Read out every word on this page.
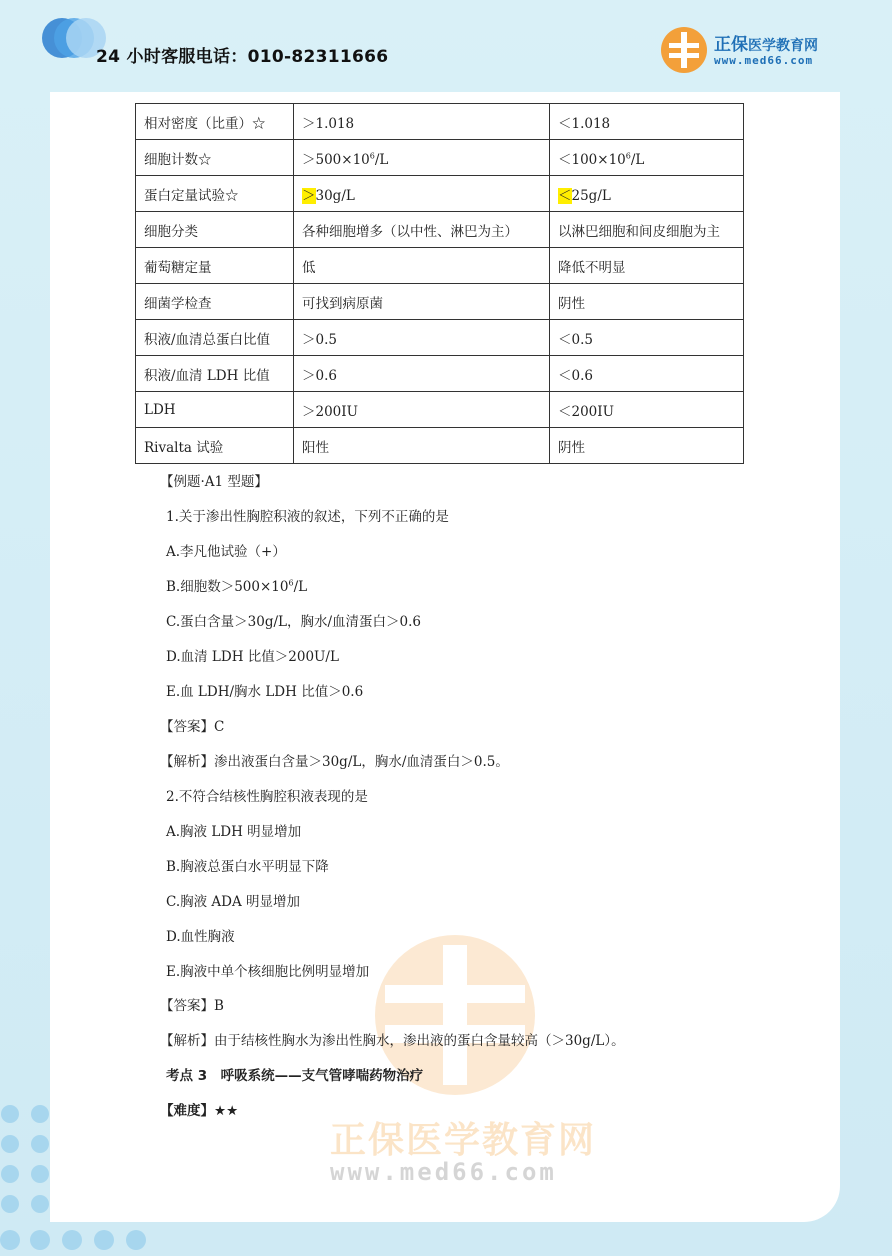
24 小时客服电话：010-82311666
正保医学教育网
www.med66.com
正保医学教育网
www.med66.com
相对密度（比重）☆	＞1.018	＜1.018
细胞计数☆	$>500\times 10^6/L$	$<100\times 10^6/L$
蛋白定量试验☆	＞30g/L	＜25g/L
细胞分类	各种细胞增多（以中性、淋巴为主）	以淋巴细胞和间皮细胞为主
葡萄糖定量	低	降低不明显
细菌学检查	可找到病原菌	阴性
积液/血清总蛋白比值	＞0.5	＜0.5
积液/血清 LDH 比值	＞0.6	＜0.6
LDH	＞200IU	＜200IU
Rivalta 试验	阳性	阴性
【例题·A1 型题】
1.关于渗出性胸腔积液的叙述，下列不正确的是
A.李凡他试验（+）
B.细胞数$>500\times 10^6/L$
C.蛋白含量＞30g/L，胸水/血清蛋白＞0.6
D.血清 LDH 比值＞200U/L
E.血 LDH/胸水 LDH 比值＞0.6
【答案】C
【解析】渗出液蛋白含量＞30g/L，胸水/血清蛋白＞0.5。
2.不符合结核性胸腔积液表现的是
A.胸液 LDH 明显增加
B.胸液总蛋白水平明显下降
C.胸液 ADA 明显增加
D.血性胸液
E.胸液中单个核细胞比例明显增加
【答案】B
【解析】由于结核性胸水为渗出性胸水，渗出液的蛋白含量较高（＞30g/L）。
考点 3　呼吸系统——支气管哮喘药物治疗
【难度】★★
